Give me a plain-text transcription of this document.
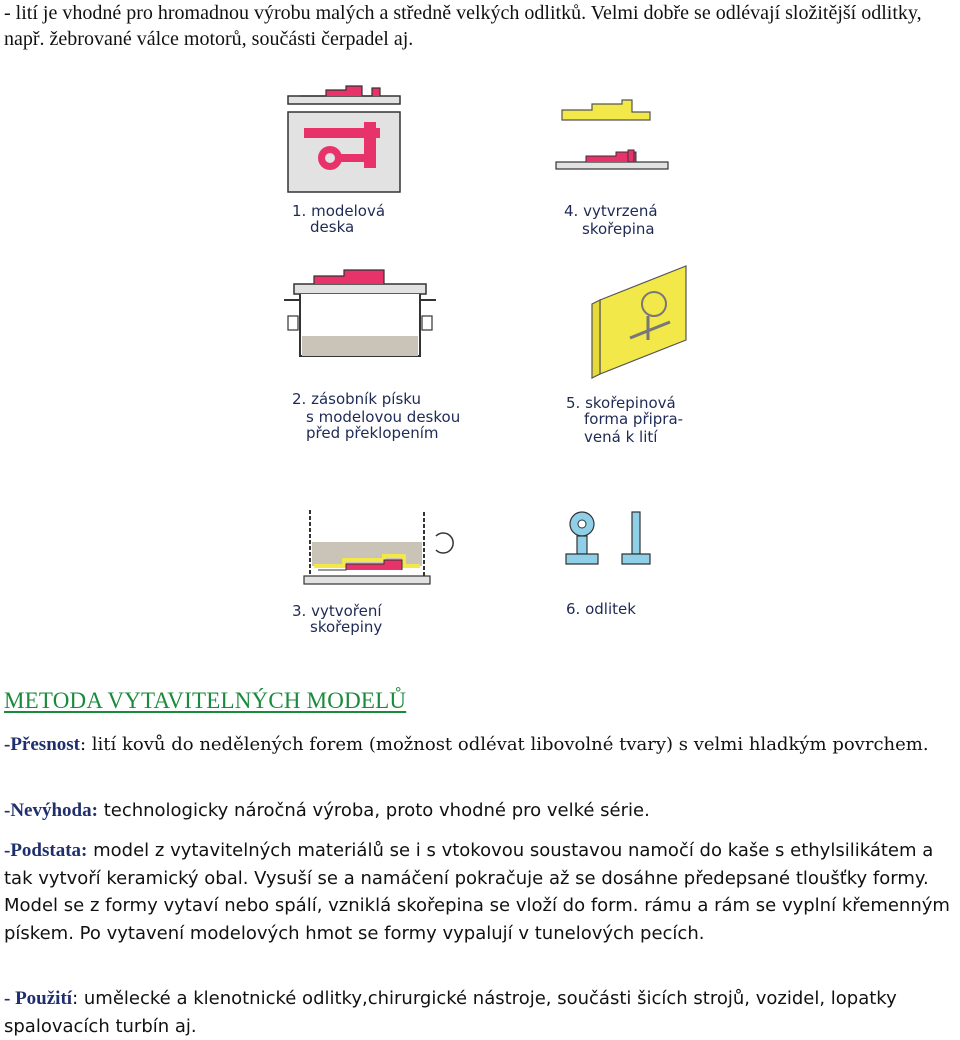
- lití je vhodné pro hromadnou výrobu malých a středně velkých odlitků. Velmi dobře se odlévají složitější odlitky, např. žebrované válce motorů, součásti čerpadel aj.

1. modelová
deska
4. vytvrzená
skořepina
2. zásobník písku
s modelovou deskou
před překlopením
5. skořepinová
forma připra-
vená k lití
3. vytvoření
skořepiny
6. odlitek
METODA VYTAVITELNÝCH MODELŮ

-Přesnost: lití kovů do nedělených forem (možnost odlévat libovolné tvary) s velmi hladkým povrchem.

-Nevýhoda: technologicky náročná výroba, proto vhodné pro velké série.

-Podstata: model z vytavitelných materiálů se i s vtokovou soustavou namočí do kaše s ethylsilikátem a tak vytvoří keramický obal. Vysuší se a namáčení pokračuje až se dosáhne předepsané tloušťky formy. Model se z formy vytaví nebo spálí, vzniklá skořepina se vloží do form. rámu a rám se vyplní křemenným pískem. Po vytavení modelových hmot se formy vypalují v tunelových pecích.

- Použití: umělecké a klenotnické odlitky,chirurgické nástroje, součásti šicích strojů, vozidel, lopatky spalovacích turbín aj.
